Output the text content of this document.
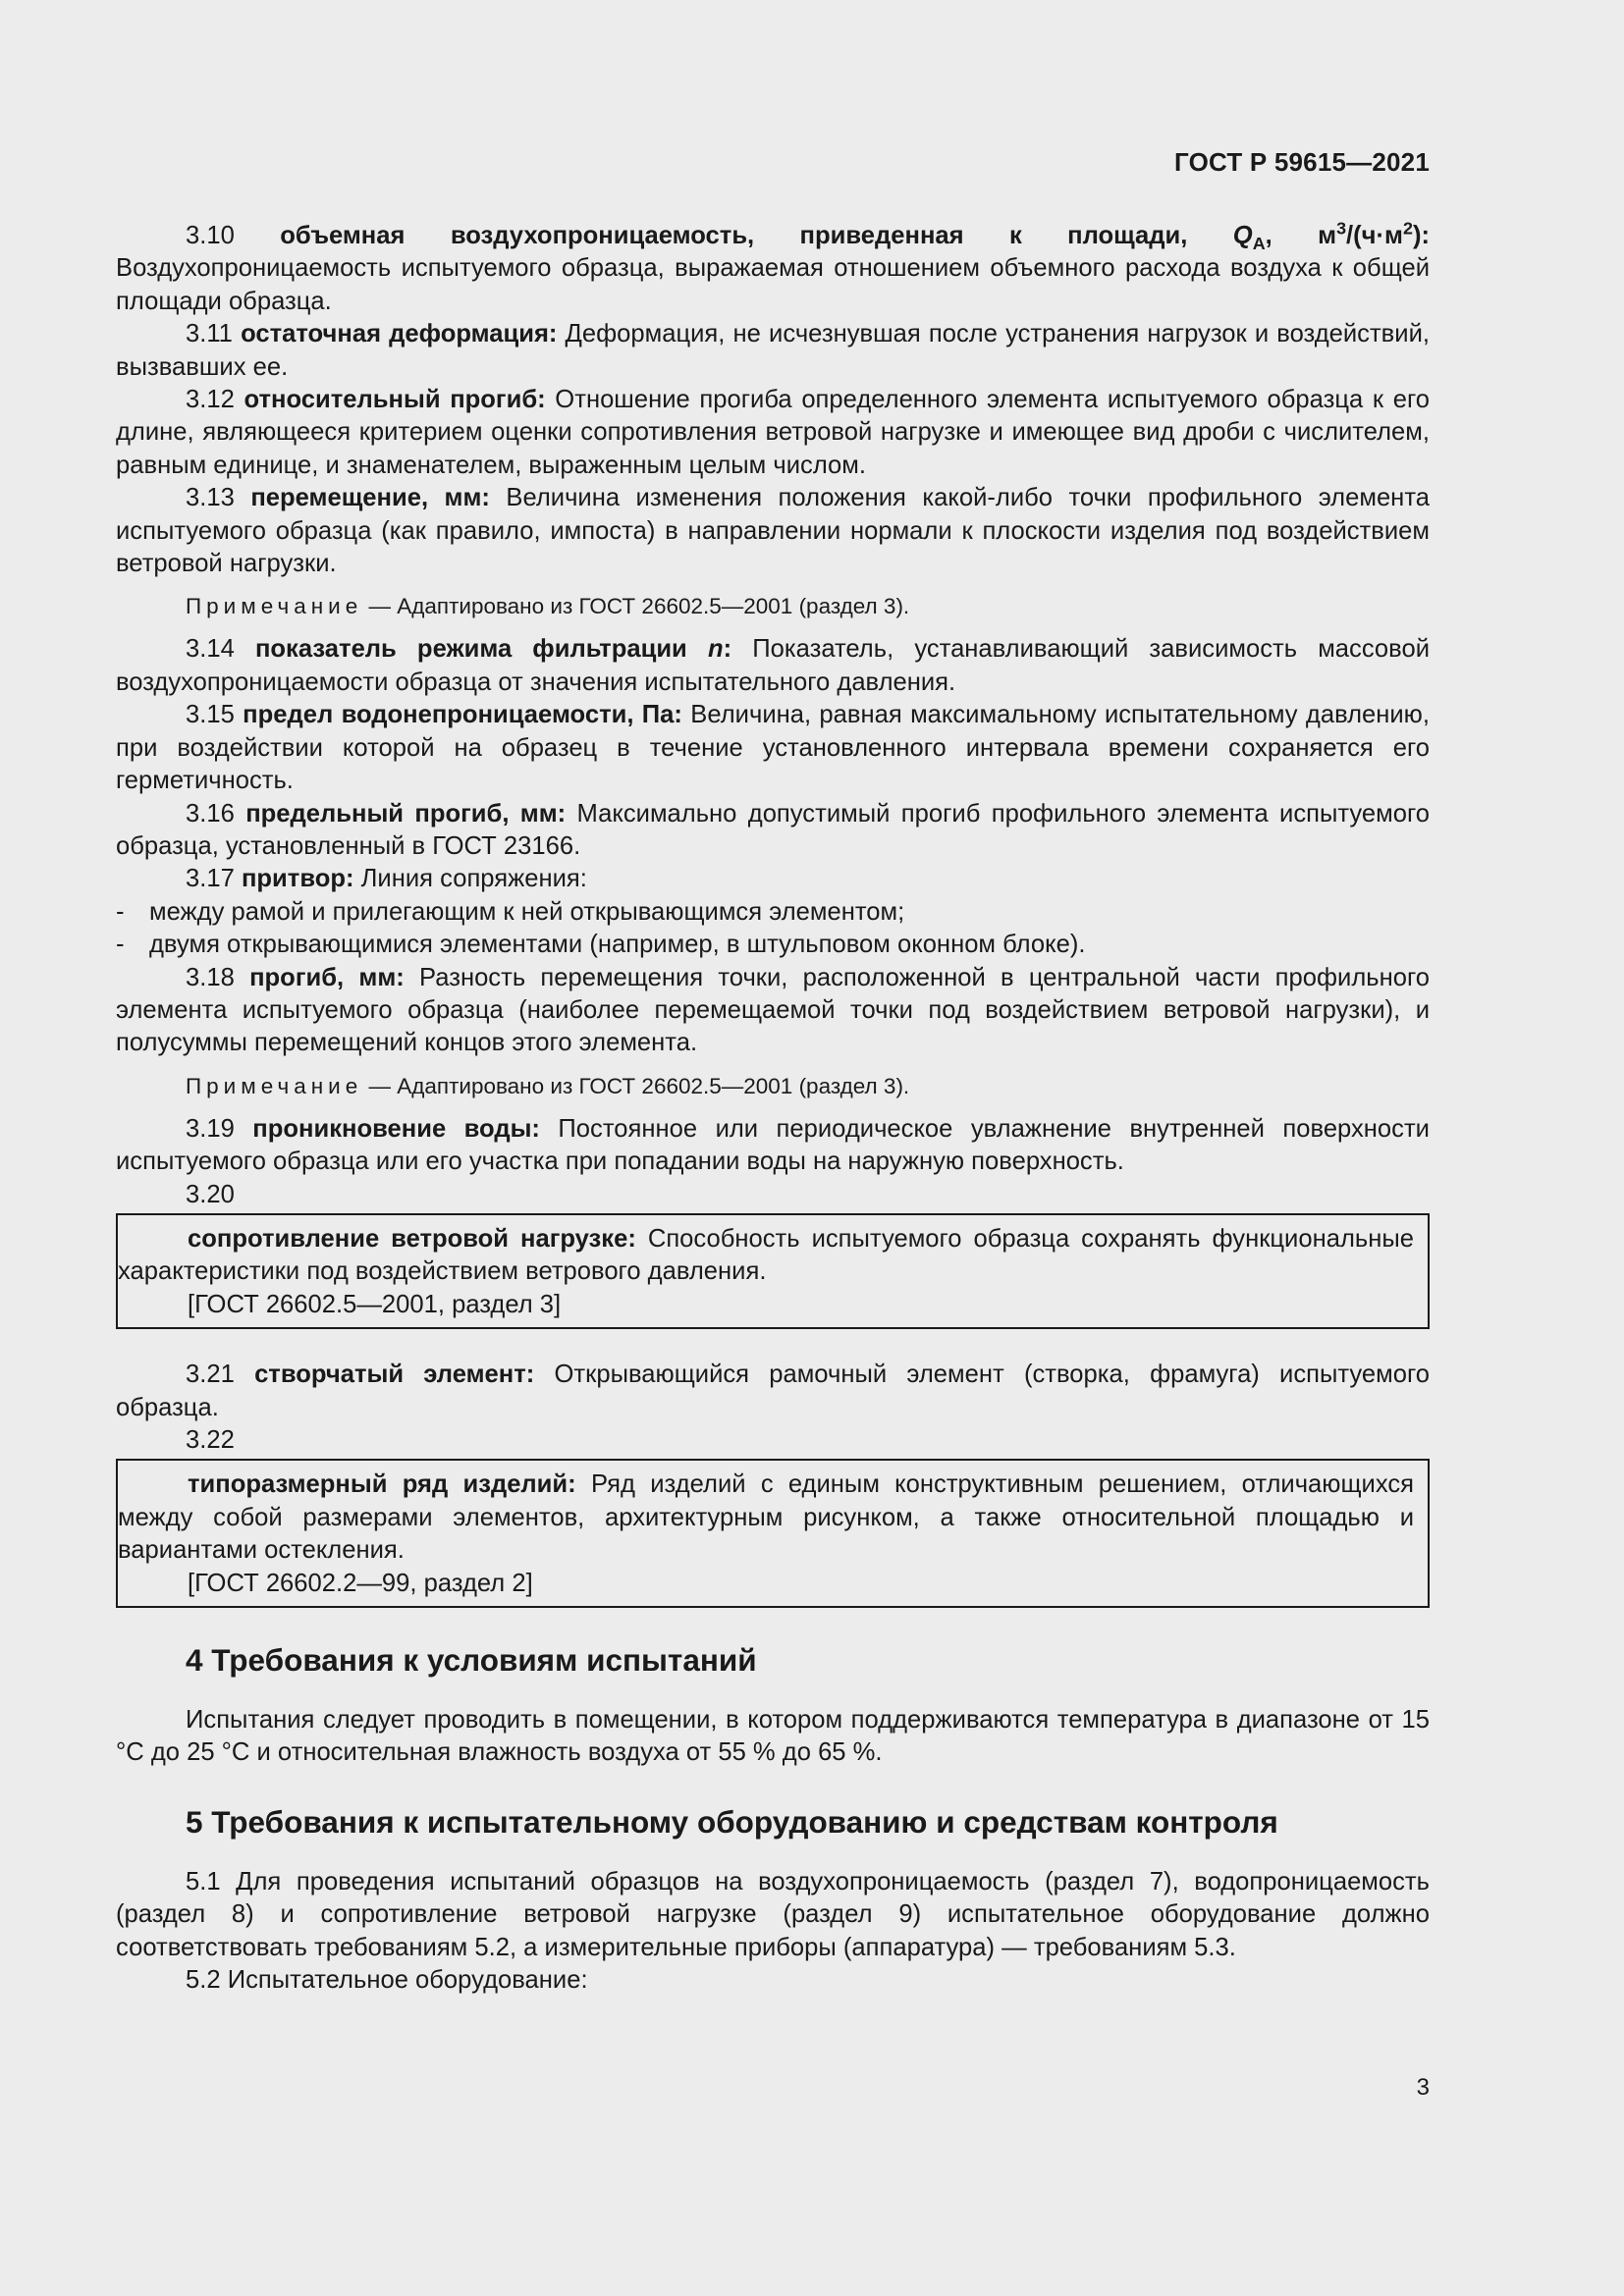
ГОСТ Р 59615—2021

3.10 объемная воздухопроницаемость, приведенная к площади, $Q_A$, $м^3/(ч\cdot м^2)$: Воздухопроницаемость испытуемого образца, выражаемая отношением объемного расхода воздуха к общей площади образца.

3.11 остаточная деформация: Деформация, не исчезнувшая после устранения нагрузок и воздействий, вызвавших ее.

3.12 относительный прогиб: Отношение прогиба определенного элемента испытуемого образца к его длине, являющееся критерием оценки сопротивления ветровой нагрузке и имеющее вид дроби с числителем, равным единице, и знаменателем, выраженным целым числом.

3.13 перемещение, мм: Величина изменения положения какой-либо точки профильного элемента испытуемого образца (как правило, импоста) в направлении нормали к плоскости изделия под воздействием ветровой нагрузки.

Примечание — Адаптировано из ГОСТ 26602.5—2001 (раздел 3).

3.14 показатель режима фильтрации n: Показатель, устанавливающий зависимость массовой воздухопроницаемости образца от значения испытательного давления.

3.15 предел водонепроницаемости, Па: Величина, равная максимальному испытательному давлению, при воздействии которой на образец в течение установленного интервала времени сохраняется его герметичность.

3.16 предельный прогиб, мм: Максимально допустимый прогиб профильного элемента испытуемого образца, установленный в ГОСТ 23166.

3.17 притвор: Линия сопряжения:

- между рамой и прилегающим к ней открывающимся элементом;

- двумя открывающимися элементами (например, в штульповом оконном блоке).

3.18 прогиб, мм: Разность перемещения точки, расположенной в центральной части профильного элемента испытуемого образца (наиболее перемещаемой точки под воздействием ветровой нагрузки), и полусуммы перемещений концов этого элемента.

Примечание — Адаптировано из ГОСТ 26602.5—2001 (раздел 3).

3.19 проникновение воды: Постоянное или периодическое увлажнение внутренней поверхности испытуемого образца или его участка при попадании воды на наружную поверхность.

3.20

сопротивление ветровой нагрузке: Способность испытуемого образца сохранять функциональные характеристики под воздействием ветрового давления.

[ГОСТ 26602.5—2001, раздел 3]

3.21 створчатый элемент: Открывающийся рамочный элемент (створка, фрамуга) испытуемого образца.

3.22

типоразмерный ряд изделий: Ряд изделий с единым конструктивным решением, отличающихся между собой размерами элементов, архитектурным рисунком, а также относительной площадью и вариантами остекления.

[ГОСТ 26602.2—99, раздел 2]

4 Требования к условиям испытаний

Испытания следует проводить в помещении, в котором поддерживаются температура в диапазоне от 15 °С до 25 °С и относительная влажность воздуха от 55 % до 65 %.

5 Требования к испытательному оборудованию и средствам контроля

5.1 Для проведения испытаний образцов на воздухопроницаемость (раздел 7), водопроницаемость (раздел 8) и сопротивление ветровой нагрузке (раздел 9) испытательное оборудование должно соответствовать требованиям 5.2, а измерительные приборы (аппаратура) — требованиям 5.3.

5.2 Испытательное оборудование:

3
